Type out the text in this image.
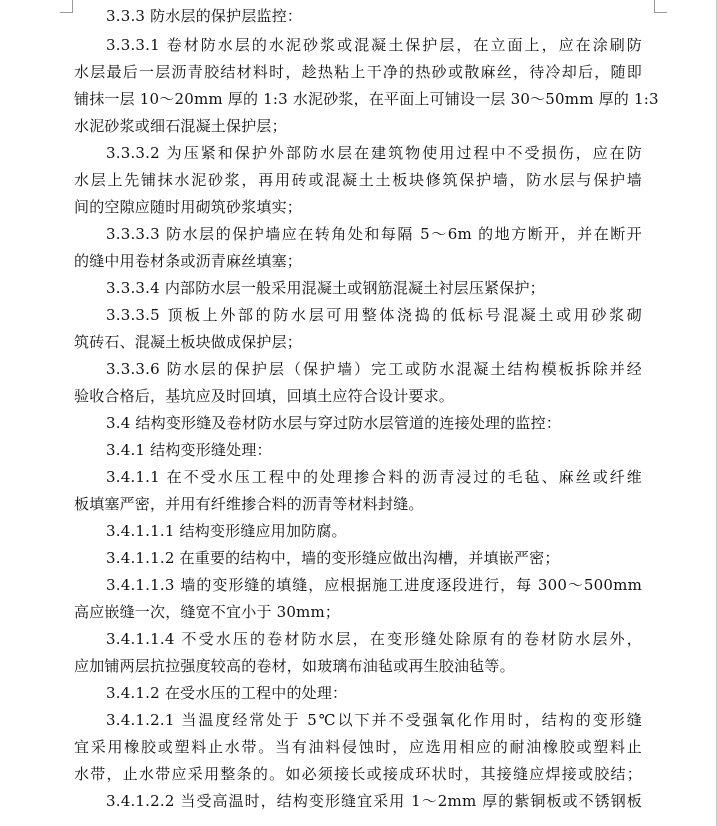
3.3.3 防水层的保护层监控：
3.3.3.1 卷材防水层的水泥砂浆或混凝土保护层，在立面上，应在涂刷防
水层最后一层沥青胶结材料时，趁热粘上干净的热砂或散麻丝，待冷却后，随即
铺抹一层 10～20mm 厚的 1:3 水泥砂浆，在平面上可铺设一层 30～50mm 厚的 1:3
水泥砂浆或细石混凝土保护层；
3.3.3.2 为压紧和保护外部防水层在建筑物使用过程中不受损伤，应在防
水层上先铺抹水泥砂浆，再用砖或混凝土土板块修筑保护墙，防水层与保护墙
间的空隙应随时用砌筑砂浆填实；
3.3.3.3 防水层的保护墙应在转角处和每隔 5～6m 的地方断开，并在断开
的缝中用卷材条或沥青麻丝填塞；
3.3.3.4 内部防水层一般采用混凝土或钢筋混凝土衬层压紧保护；
3.3.3.5 顶板上外部的防水层可用整体浇捣的低标号混凝土或用砂浆砌
筑砖石、混凝土板块做成保护层；
3.3.3.6 防水层的保护层（保护墙）完工或防水混凝土结构模板拆除并经
验收合格后，基坑应及时回填，回填土应符合设计要求。
3.4 结构变形缝及卷材防水层与穿过防水层管道的连接处理的监控：
3.4.1 结构变形缝处理：
3.4.1.1 在不受水压工程中的处理掺合料的沥青浸过的毛毡、麻丝或纤维
板填塞严密，并用有纤维掺合料的沥青等材料封缝。
3.4.1.1.1 结构变形缝应用加防腐。
3.4.1.1.2 在重要的结构中，墙的变形缝应做出沟槽，并填嵌严密；
3.4.1.1.3 墙的变形缝的填缝，应根据施工进度逐段进行，每 300～500mm
高应嵌缝一次，缝宽不宜小于 30mm；
3.4.1.1.4 不受水压的卷材防水层，在变形缝处除原有的卷材防水层外，
应加铺两层抗拉强度较高的卷材，如玻璃布油毡或再生胶油毡等。
3.4.1.2 在受水压的工程中的处理：
3.4.1.2.1 当温度经常处于 5℃以下并不受强氧化作用时，结构的变形缝
宜采用橡胶或塑料止水带。当有油料侵蚀时，应选用相应的耐油橡胶或塑料止
水带，止水带应采用整条的。如必须接长或接成环状时，其接缝应焊接或胶结；
3.4.1.2.2 当受高温时，结构变形缝宜采用 1～2mm 厚的紫铜板或不锈钢板
